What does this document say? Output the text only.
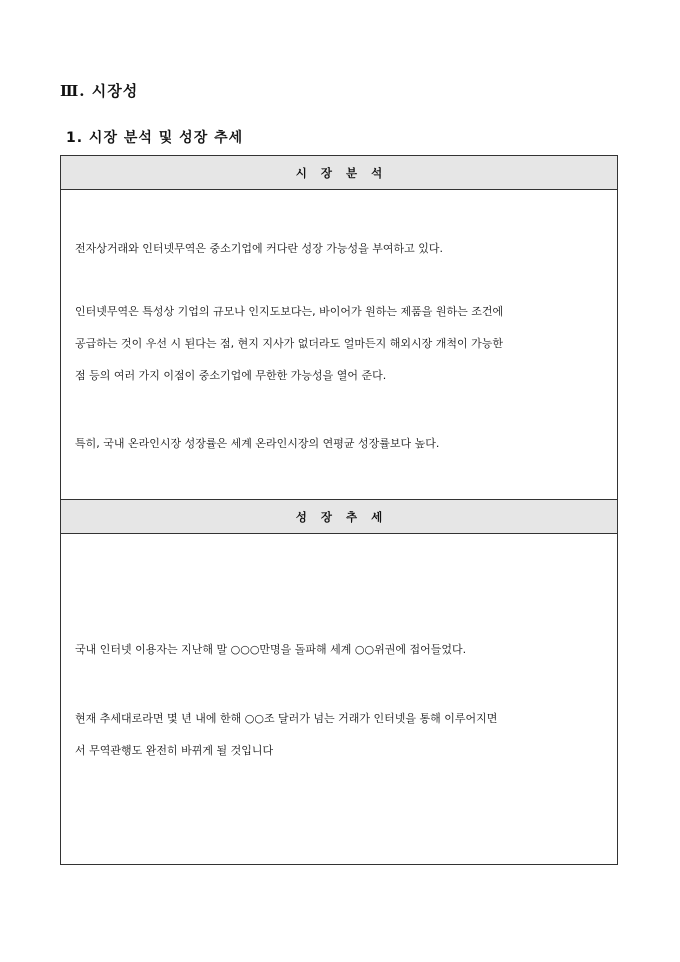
Ⅲ. 시장성
1. 시장 분석 및 성장 추세
시장분석
전자상거래와 인터넷무역은 중소기업에 커다란 성장 가능성을 부여하고 있다.
인터넷무역은 특성상 기업의 규모나 인지도보다는, 바이어가 원하는 제품을 원하는 조건에
공급하는 것이 우선 시 된다는 점, 현지 지사가 없더라도 얼마든지 해외시장 개척이 가능한
점 등의 여러 가지 이점이 중소기업에 무한한 가능성을 열어 준다.
특히, 국내 온라인시장 성장률은 세계 온라인시장의 연평균 성장률보다 높다.
성장추세
국내 인터넷 이용자는 지난해 말 ○○○만명을 돌파해 세계 ○○위권에 접어들었다.
현재 추세대로라면 몇 년 내에 한해 ○○조 달러가 넘는 거래가 인터넷을 통해 이루어지면
서 무역관행도 완전히 바뀌게 될 것입니다
